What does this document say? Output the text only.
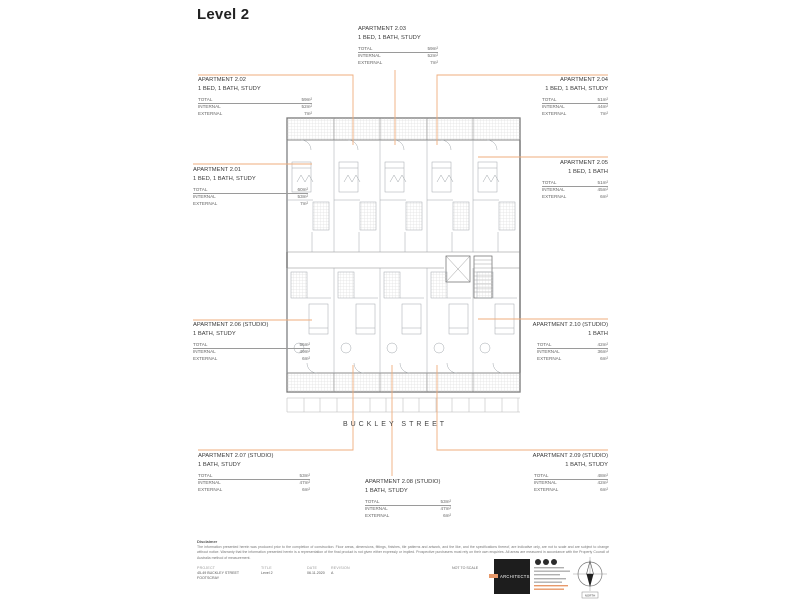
Level 2
ARCHITECTS
NORTH
BUCKLEY STREET
APARTMENT 2.01
1 BED, 1 BATH, STUDY
TOTAL	60m²
INTERNAL	53m²
EXTERNAL	7m²
APARTMENT 2.02
1 BED, 1 BATH, STUDY
TOTAL	59m²
INTERNAL	52m²
EXTERNAL	7m²
APARTMENT 2.03
1 BED, 1 BATH, STUDY
TOTAL	59m²
INTERNAL	52m²
EXTERNAL	7m²
APARTMENT 2.04
1 BED, 1 BATH, STUDY
TOTAL	51m²
INTERNAL	44m²
EXTERNAL	7m²
APARTMENT 2.05
1 BED, 1 BATH
TOTAL	51m²
INTERNAL	45m²
EXTERNAL	6m²
APARTMENT 2.06 (STUDIO)
1 BATH, STUDY
TOTAL	55m²
INTERNAL	49m²
EXTERNAL	6m²
APARTMENT 2.07 (STUDIO)
1 BATH, STUDY
TOTAL	53m²
INTERNAL	47m²
EXTERNAL	6m²
APARTMENT 2.08 (STUDIO)
1 BATH, STUDY
TOTAL	53m²
INTERNAL	47m²
EXTERNAL	6m²
APARTMENT 2.09 (STUDIO)
1 BATH, STUDY
TOTAL	48m²
INTERNAL	42m²
EXTERNAL	6m²
APARTMENT 2.10 (STUDIO)
1 BATH
TOTAL	42m²
INTERNAL	36m²
EXTERNAL	6m²
Disclaimer
The information presented herein was produced prior to the completion of construction. Floor areas, dimensions, fittings, finishes, tile patterns and artwork, and the like, and the specifications thereof, are indicative only, are not to scale and are subject to change without notice. Warranty that the information presented herein is a representation of the final product is not given either expressly or implied. Prospective purchasers must rely on their own enquiries. All areas are measured in accordance with the Property Council of Australia method of measurement.
PROJECT
45-49 BUCKLEY STREET
FOOTSCRAY
TITLE
Level 2
DATE
06.11.2020
REVISION
A
NOT TO SCALE
